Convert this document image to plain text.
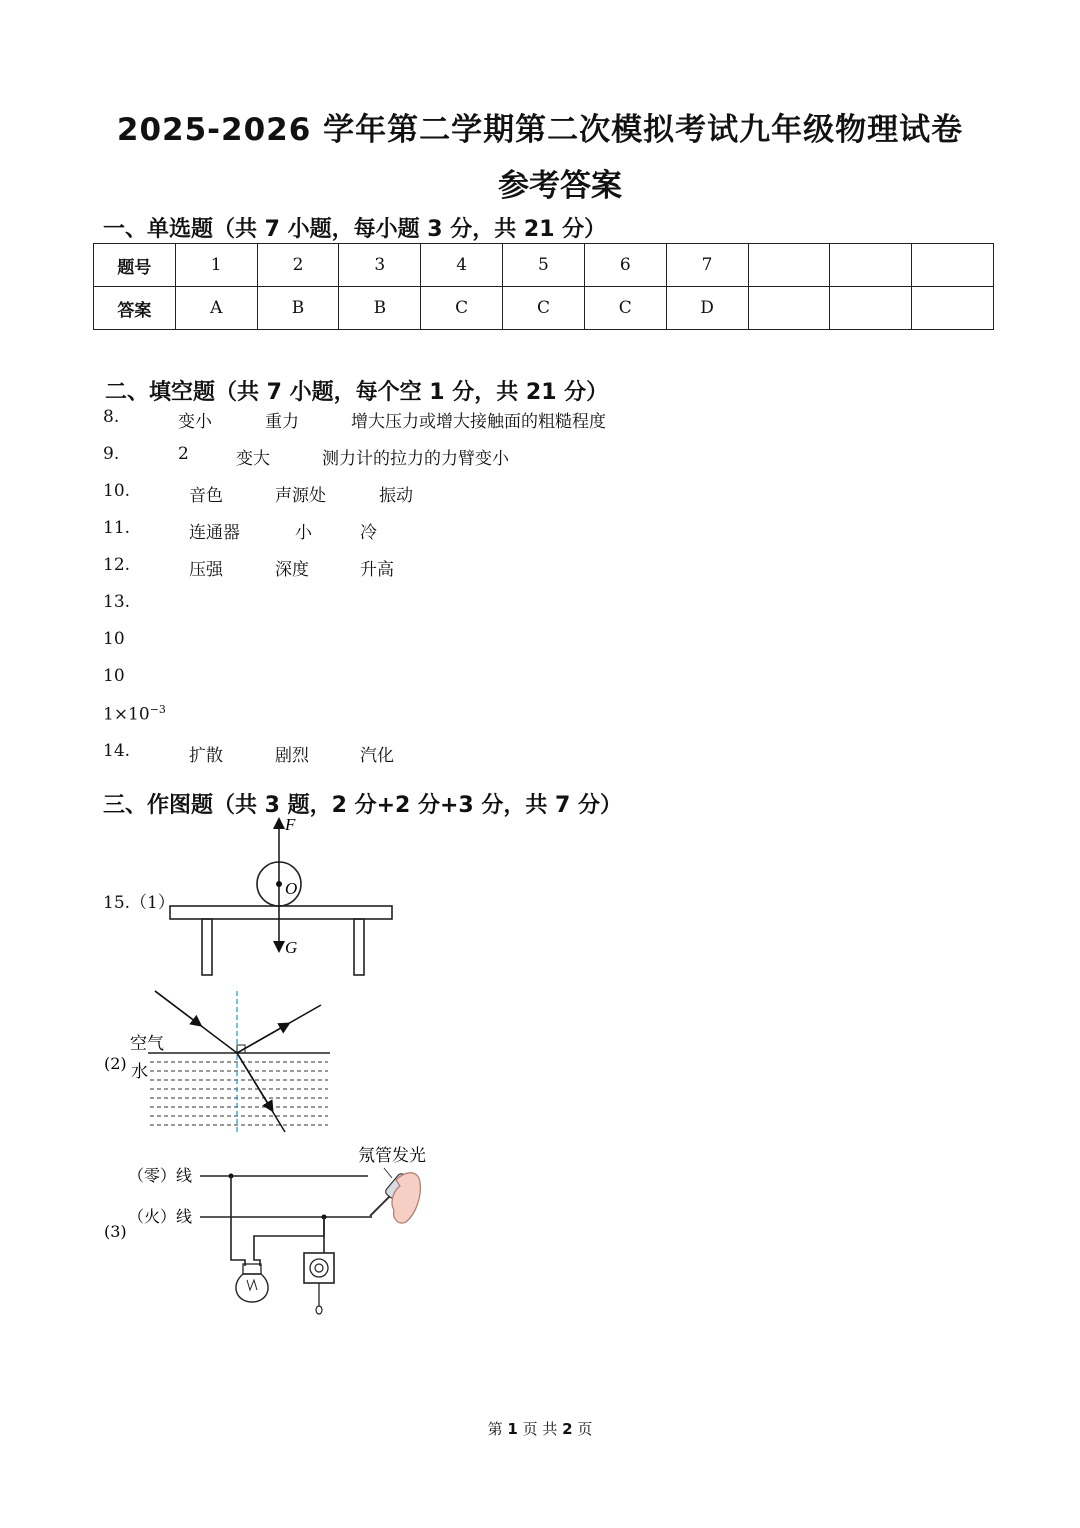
2025-2026 学年第二学期第二次模拟考试九年级物理试卷
参考答案
一、单选题（共 7 小题，每小题 3 分，共 21 分）
题号	1	2	3	4	5	6	7			
答案	A	B	B	C	C	C	D			
二、填空题（共 7 小题，每个空 1 分，共 21 分）
8.	变小	重力	增大压力或增大接触面的粗糙程度
9.	2	变大	测力计的拉力的力臂变小
10.	音色	声源处	振动
11.	连通器	小	冷
12.	压强	深度	升高
13.
10
10
$1\times 10^{-3}$
14.	扩散	剧烈	汽化
三、作图题（共 3 题，2 分+2 分+3 分，共 7 分）
15.（1）
F
O
G
空气
(2) 水
（零）线
（火）线
(3)
氖管发光
第 1 页 共 2 页
